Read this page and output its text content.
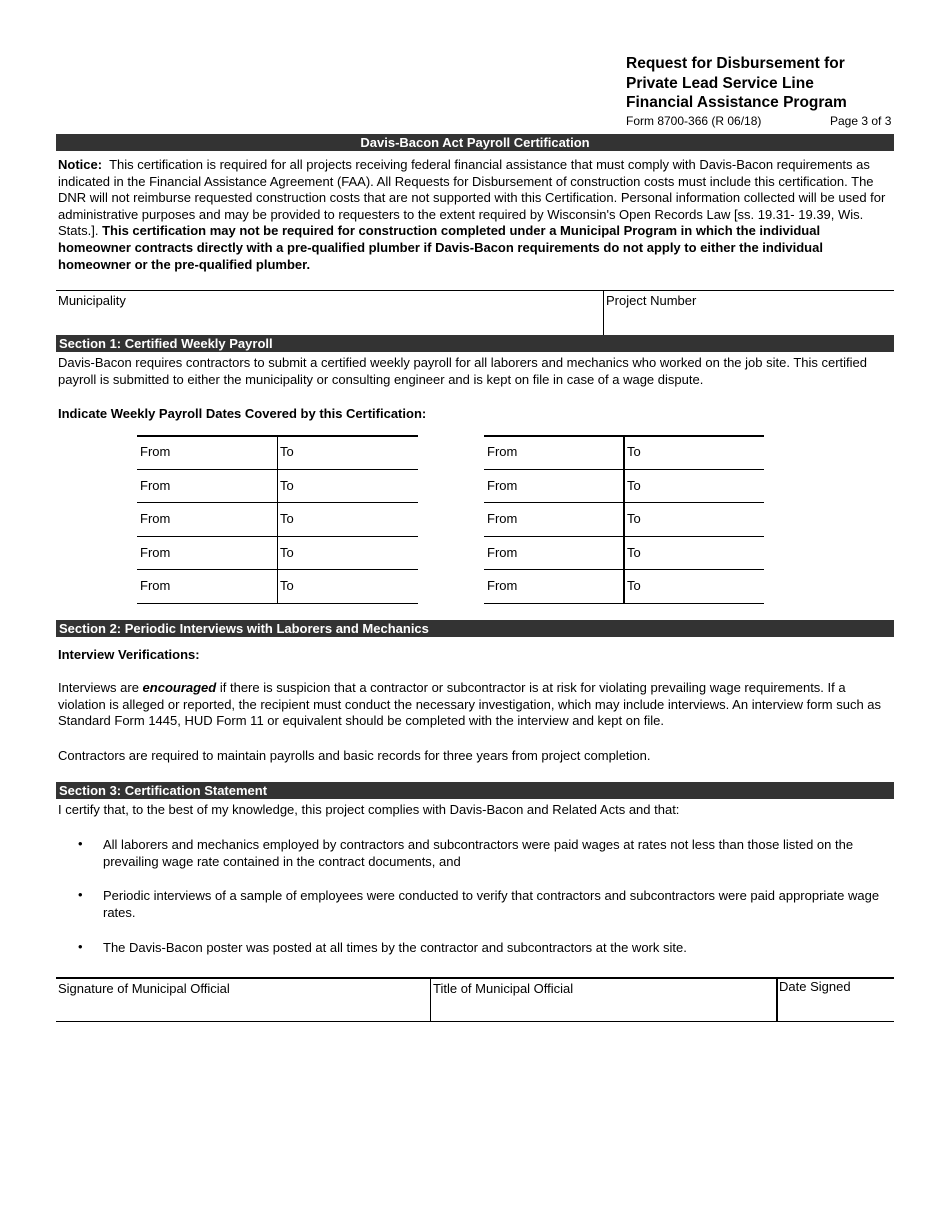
Request for Disbursement for
Private Lead Service Line
Financial Assistance Program
Form 8700-366 (R 06/18)	Page 3 of 3
Davis-Bacon Act Payroll Certification
Notice: This certification is required for all projects receiving federal financial assistance that must comply with Davis-Bacon requirements as indicated in the Financial Assistance Agreement (FAA). All Requests for Disbursement of construction costs must include this certification. The DNR will not reimburse requested construction costs that are not supported with this Certification. Personal information collected will be used for administrative purposes and may be provided to requesters to the extent required by Wisconsin's Open Records Law [ss. 19.31- 19.39, Wis. Stats.]. This certification may not be required for construction completed under a Municipal Program in which the individual homeowner contracts directly with a pre-qualified plumber if Davis-Bacon requirements do not apply to either the individual homeowner or the pre-qualified plumber.
Municipality	Project Number
Section 1: Certified Weekly Payroll
Davis-Bacon requires contractors to submit a certified weekly payroll for all laborers and mechanics who worked on the job site. This certified payroll is submitted to either the municipality or consulting engineer and is kept on file in case of a wage dispute.
Indicate Weekly Payroll Dates Covered by this Certification:
From	To
From	To
From	To
From	To
From	To
From	To
From	To
From	To
From	To
From	To
Section 2: Periodic Interviews with Laborers and Mechanics
Interview Verifications:
Interviews are encouraged if there is suspicion that a contractor or subcontractor is at risk for violating prevailing wage requirements. If a violation is alleged or reported, the recipient must conduct the necessary investigation, which may include interviews. An interview form such as Standard Form 1445, HUD Form 11 or equivalent should be completed with the interview and kept on file.
Contractors are required to maintain payrolls and basic records for three years from project completion.
Section 3: Certification Statement
I certify that, to the best of my knowledge, this project complies with Davis-Bacon and Related Acts and that:
• All laborers and mechanics employed by contractors and subcontractors were paid wages at rates not less than those listed on the prevailing wage rate contained in the contract documents, and
• Periodic interviews of a sample of employees were conducted to verify that contractors and subcontractors were paid appropriate wage rates.
• The Davis-Bacon poster was posted at all times by the contractor and subcontractors at the work site.
Signature of Municipal Official	Title of Municipal Official	Date Signed
